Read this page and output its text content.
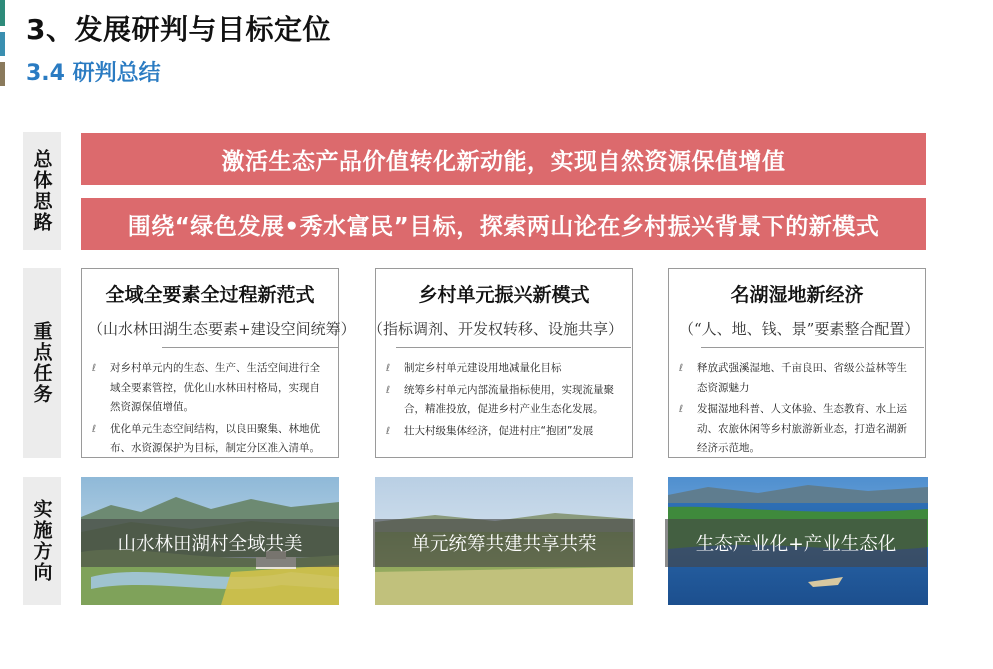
3、发展研判与目标定位
3.4 研判总结
总体思路
重点任务
实施方向
激活生态产品价值转化新动能，实现自然资源保值增值
围绕“绿色发展•秀水富民”目标，探索两山论在乡村振兴背景下的新模式
全域全要素全过程新范式
（山水林田湖生态要素+建设空间统筹）
ℓ	对乡村单元内的生态、生产、生活空间进行全域全要素管控，优化山水林田村格局，实现自然资源保值增值。
ℓ	优化单元生态空间结构，以良田聚集、林地优布、水资源保护为目标，制定分区准入清单。
乡村单元振兴新模式
（指标调剂、开发权转移、设施共享）
ℓ	制定乡村单元建设用地减量化目标
ℓ	统筹乡村单元内部流量指标使用，实现流量聚合，精准投放，促进乡村产业生态化发展。
ℓ	壮大村级集体经济，促进村庄“抱团”发展
名湖湿地新经济
（“人、地、钱、景”要素整合配置）
ℓ	释放武强溪湿地、千亩良田、省级公益林等生态资源魅力
ℓ	发掘湿地科普、人文体验、生态教育、水上运动、农旅休闲等乡村旅游新业态，打造名湖新经济示范地。
山水林田湖村全域共美	单元统筹共建共享共荣	生态产业化+产业生态化
